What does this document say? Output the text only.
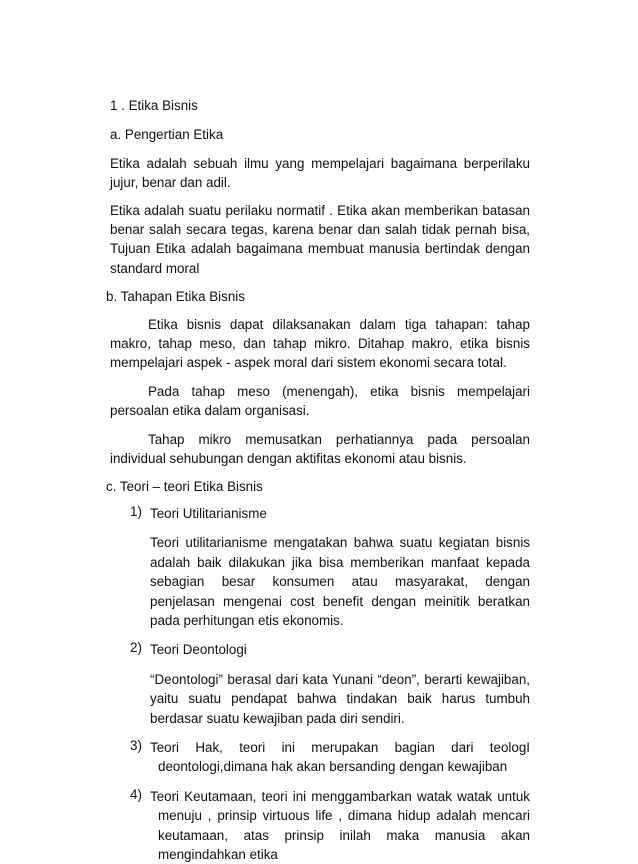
1 . Etika Bisnis

a. Pengertian Etika

Etika adalah sebuah ilmu yang mempelajari bagaimana berperilaku jujur, benar dan adil.

Etika adalah suatu perilaku normatif . Etika akan memberikan batasan benar salah secara tegas, karena benar dan salah tidak pernah bisa, Tujuan Etika adalah bagaimana membuat manusia bertindak dengan standard moral

b. Tahapan Etika Bisnis

Etika bisnis dapat dilaksanakan dalam tiga tahapan: tahap makro, tahap meso, dan tahap mikro. Ditahap makro, etika bisnis mempelajari aspek - aspek moral dari sistem ekonomi secara total.

Pada tahap meso (menengah), etika bisnis mempelajari persoalan etika dalam organisasi.

Tahap mikro memusatkan perhatiannya pada persoalan individual sehubungan dengan aktifitas ekonomi atau bisnis.

c. Teori – teori Etika Bisnis

1) Teori Utilitarianisme
Teori utilitarianisme mengatakan bahwa suatu kegiatan bisnis adalah baik dilakukan jika bisa memberikan manfaat kepada sebagian besar konsumen atau masyarakat, dengan penjelasan mengenai cost benefit dengan meinitik beratkan pada perhitungan etis ekonomis.
2) Teori Deontologi
“Deontologi” berasal dari kata Yunani “deon”, berarti kewajiban, yaitu suatu pendapat bahwa tindakan baik harus tumbuh berdasar suatu kewajiban pada diri sendiri.
3) Teori Hak, teori ini merupakan bagian dari teologI deontologi,dimana hak akan bersanding dengan kewajiban
4) Teori Keutamaan, teori ini menggambarkan watak watak untuk menuju , prinsip virtuous life , dimana hidup adalah mencari keutamaan, atas prinsip inilah maka manusia akan mengindahkan etika
